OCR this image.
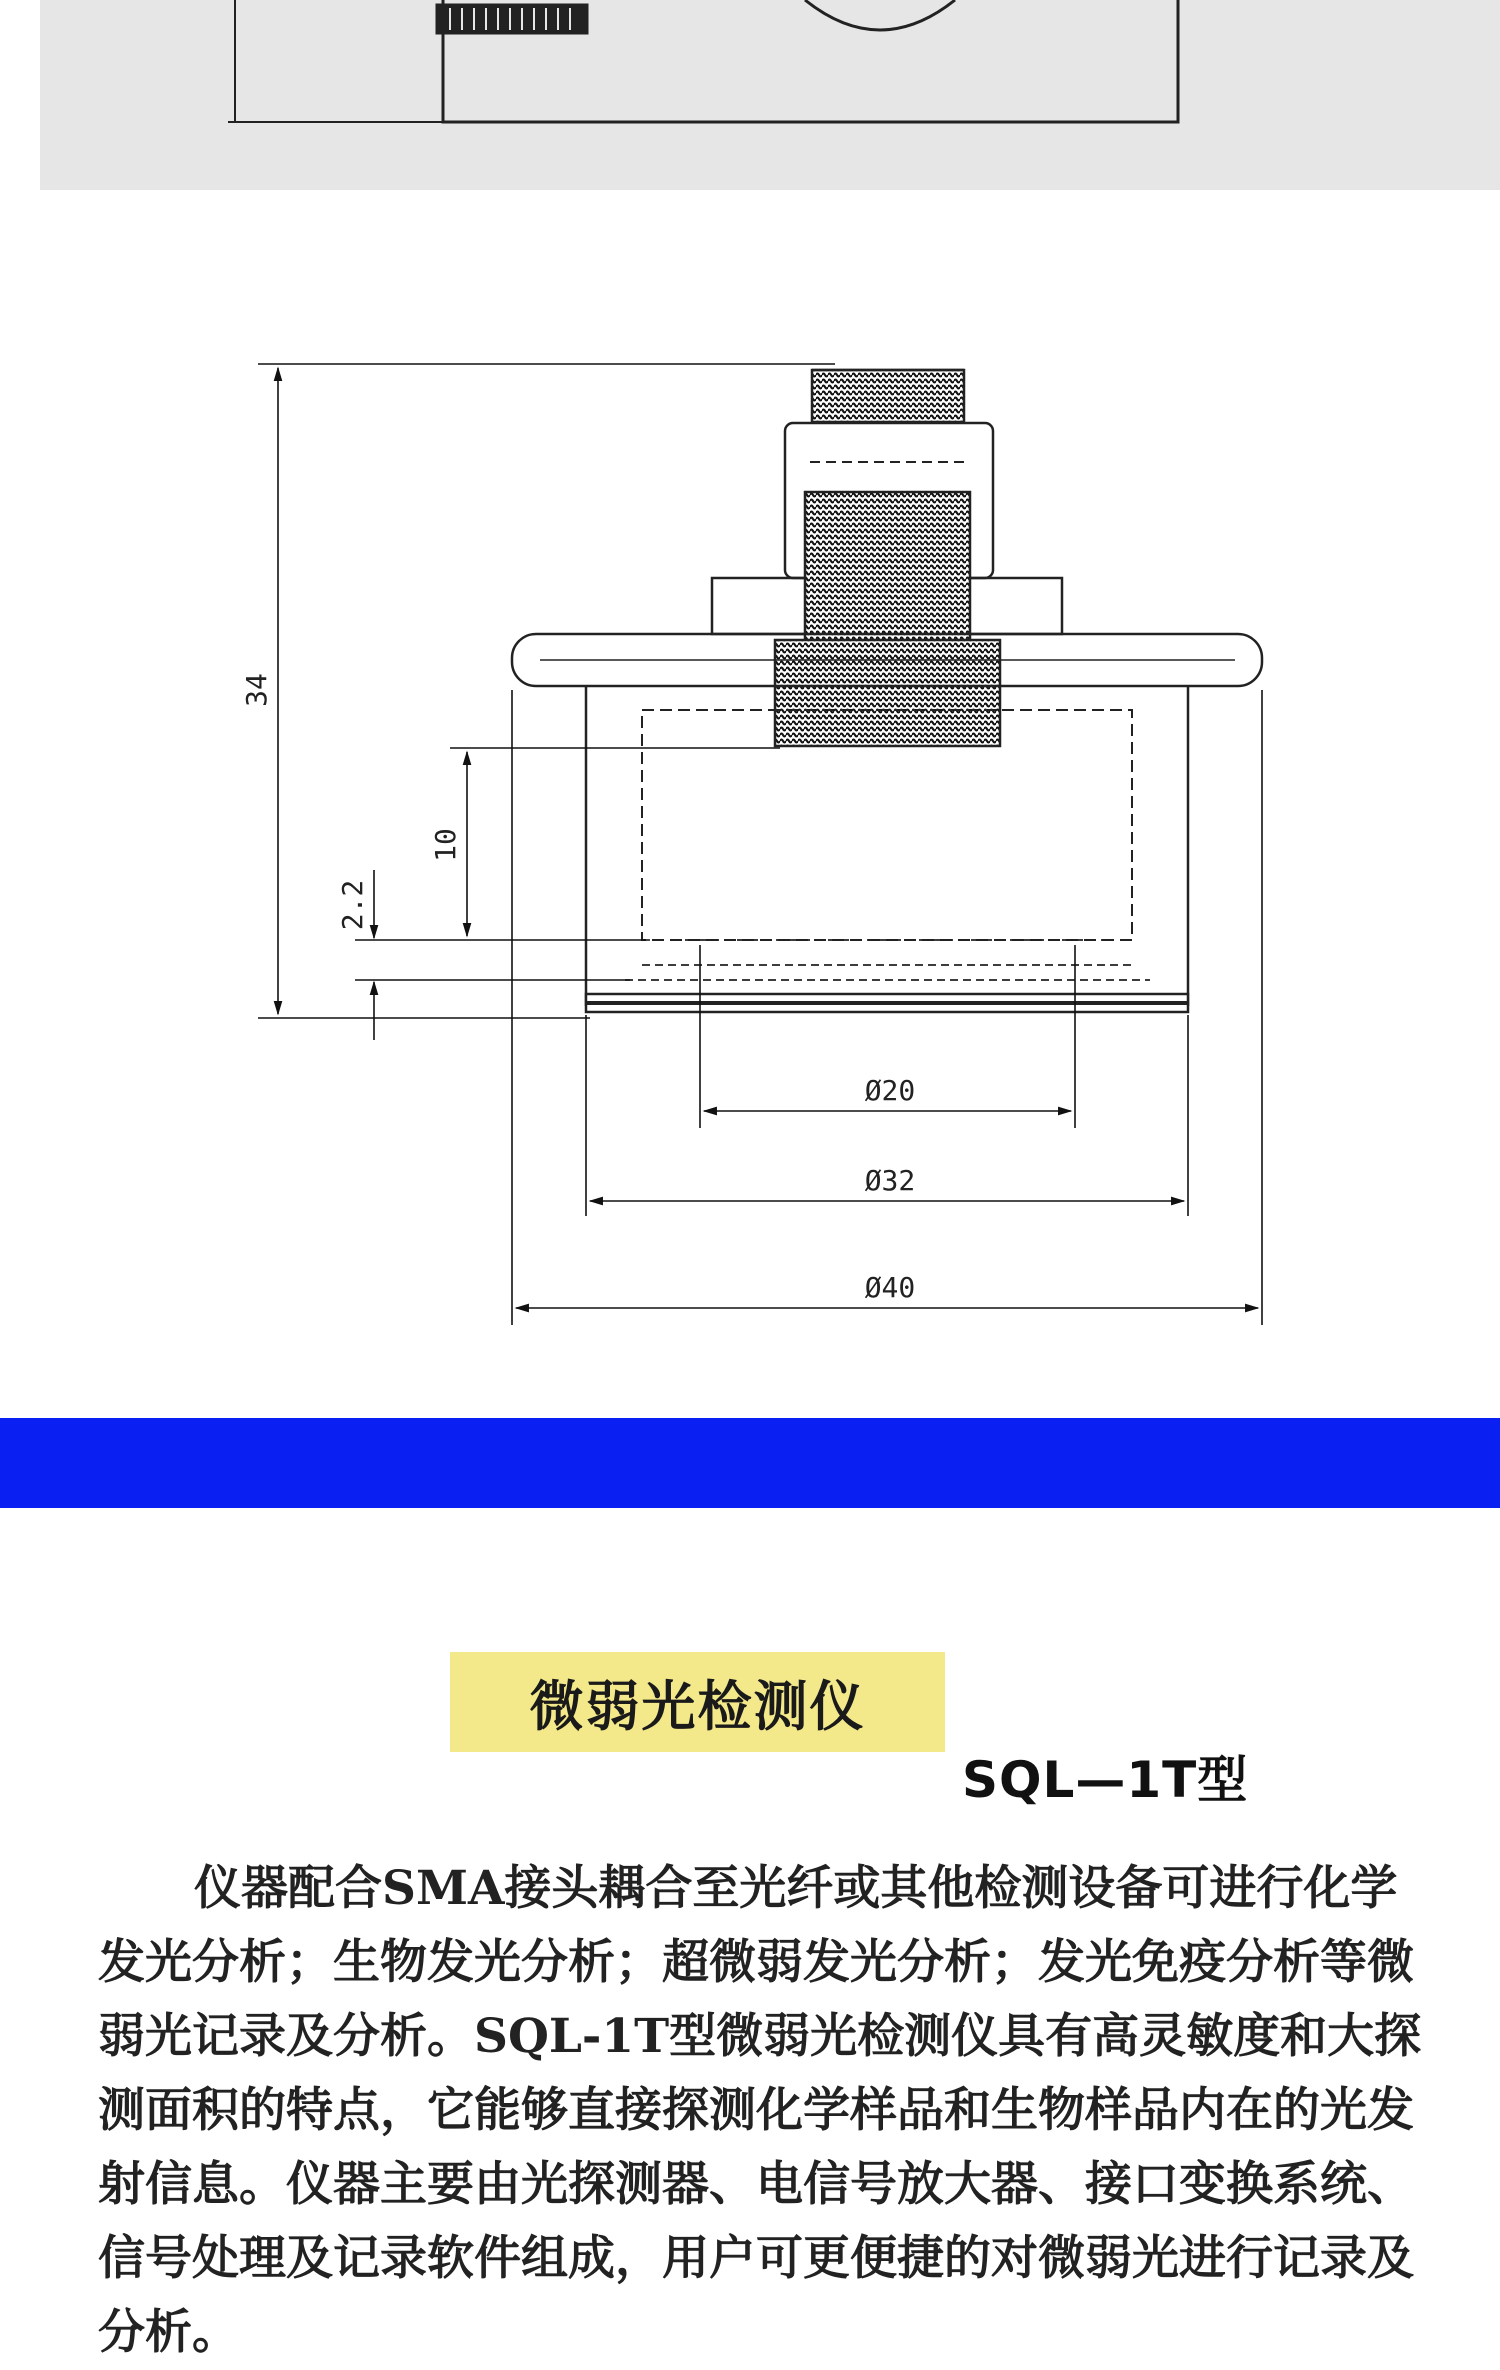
34
10
2.2
Ø20
Ø32
Ø40
微弱光检测仪
SQL—1T型

仪器配合SMA接头耦合至光纤或其他检测设备可进行化学发光分析；生物发光分析；超微弱发光分析；发光免疫分析等微弱光记录及分析。SQL-1T型微弱光检测仪具有高灵敏度和大探测面积的特点，它能够直接探测化学样品和生物样品内在的光发射信息。仪器主要由光探测器、电信号放大器、接口变换系统、信号处理及记录软件组成，用户可更便捷的对微弱光进行记录及分析。
